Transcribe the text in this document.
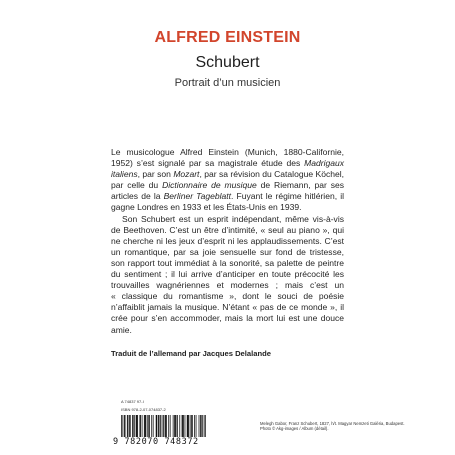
ALFRED EINSTEIN
Schubert
Portrait d’un musicien

Le musicologue Alfred Einstein (Munich, 1880-Californie, 1952) s’est signalé par sa magistrale étude des Madrigaux italiens, par son Mozart, par sa révision du Catalogue Köchel, par celle du Dictionnaire de musique de Riemann, par ses articles de la Berliner Tageblatt. Fuyant le régime hitlérien, il gagne Londres en 1933 et les États-Unis en 1939.

Son Schubert est un esprit indépendant, même vis-à-vis de Beethoven. C’est un être d’intimité, « seul au piano », qui ne cherche ni les jeux d’esprit ni les applaudissements. C’est un romantique, par sa joie sensuelle sur fond de tristesse, son rapport tout immédiat à la sonorité, sa palette de peintre du sentiment ; il lui arrive d’anticiper en toute précocité les trouvailles wagnériennes et modernes ; mais c’est un « classique du romantisme », dont le souci de poésie n’affaiblit jamais la musique. N’étant « pas de ce monde », il crée pour s’en accommoder, mais la mort lui est une douce amie.

Traduit de l’allemand par Jacques Delalande
A 74837 97-I
ISBN 978-2-07-074837-2
9 782070 748372
Melegh Gabor, Franz Schubert, 1827, h/t. Magyar Nemzeti Galéria, Budapest.
Photo © Akg-images / Album (détail).
